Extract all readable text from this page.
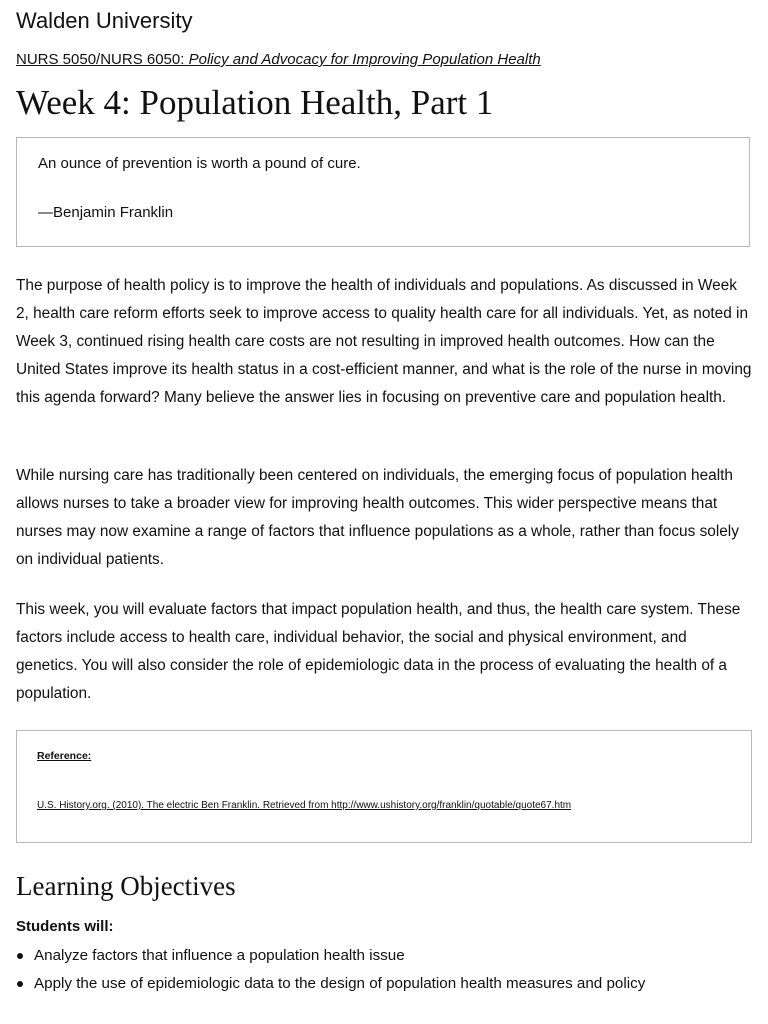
Walden University
NURS 5050/NURS 6050: Policy and Advocacy for Improving Population Health
Week 4: Population Health, Part 1
An ounce of prevention is worth a pound of cure.
—Benjamin Franklin

The purpose of health policy is to improve the health of individuals and populations. As discussed in Week 2, health care reform efforts seek to improve access to quality health care for all individuals. Yet, as noted in Week 3, continued rising health care costs are not resulting in improved health outcomes. How can the United States improve its health status in a cost-efficient manner, and what is the role of the nurse in moving this agenda forward? Many believe the answer lies in focusing on preventive care and population health.

While nursing care has traditionally been centered on individuals, the emerging focus of population health allows nurses to take a broader view for improving health outcomes. This wider perspective means that nurses may now examine a range of factors that influence populations as a whole, rather than focus solely on individual patients.

This week, you will evaluate factors that impact population health, and thus, the health care system. These factors include access to health care, individual behavior, the social and physical environment, and genetics. You will also consider the role of epidemiologic data in the process of evaluating the health of a population.

Reference:
U.S. History.org. (2010). The electric Ben Franklin. Retrieved from http://www.ushistory.org/franklin/quotable/quote67.htm
Learning Objectives
Students will:
Analyze factors that influence a population health issue
Apply the use of epidemiologic data to the design of population health measures and policy
